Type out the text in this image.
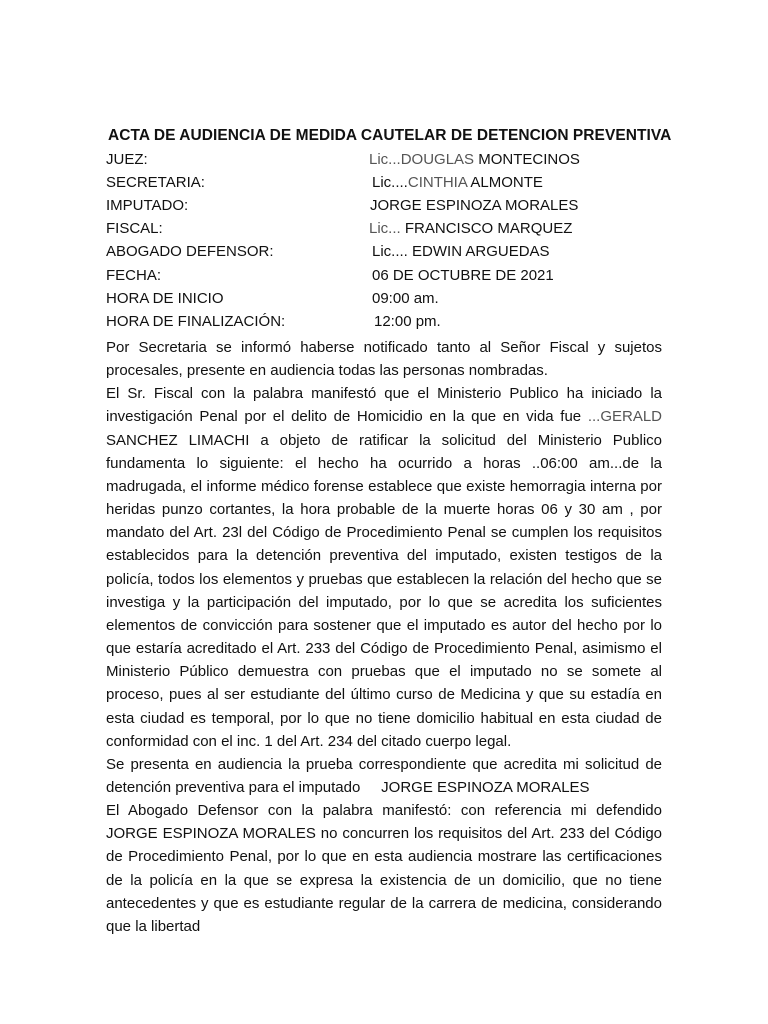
ACTA DE AUDIENCIA DE MEDIDA CAUTELAR DE DETENCION PREVENTIVA
JUEZ:	Lic...DOUGLAS MONTECINOS
SECRETARIA:	Lic....CINTHIA ALMONTE
IMPUTADO:	JORGE ESPINOZA MORALES
FISCAL:	Lic... FRANCISCO MARQUEZ
ABOGADO DEFENSOR:	Lic.... EDWIN ARGUEDAS
FECHA:	06 DE OCTUBRE DE 2021
HORA DE INICIO	09:00 am.
HORA DE FINALIZACIÓN:	12:00 pm.

Por Secretaria se informó haberse notificado tanto al Señor Fiscal y sujetos procesales, presente en audiencia todas las personas nombradas.

El Sr. Fiscal con la palabra manifestó que el Ministerio Publico ha iniciado la investigación Penal por el delito de Homicidio en la que en vida fue ...GERALD SANCHEZ LIMACHI a objeto de ratificar la solicitud del Ministerio Publico fundamenta lo siguiente: el hecho ha ocurrido a horas ..06:00 am...de la madrugada, el informe médico forense establece que existe hemorragia interna por heridas punzo cortantes, la hora probable de la muerte horas 06 y 30 am , por mandato del Art. 23l del Código de Procedimiento Penal se cumplen los requisitos establecidos para la detención preventiva del imputado, existen testigos de la policía, todos los elementos y pruebas que establecen la relación del hecho que se investiga y la participación del imputado, por lo que se acredita los suficientes elementos de convicción para sostener que el imputado es autor del hecho por lo que estaría acreditado el Art. 233 del Código de Procedimiento Penal, asimismo el Ministerio Público demuestra con pruebas que el imputado no se somete al proceso, pues al ser estudiante del último curso de Medicina y que su estadía en esta ciudad es temporal, por lo que no tiene domicilio habitual en esta ciudad de conformidad con el inc. 1 del Art. 234 del citado cuerpo legal.

Se presenta en audiencia la prueba correspondiente que acredita mi solicitud de detención preventiva para el imputado     JORGE ESPINOZA MORALES

El Abogado Defensor con la palabra manifestó: con referencia mi defendido JORGE ESPINOZA MORALES no concurren los requisitos del Art. 233 del Código de Procedimiento Penal, por lo que en esta audiencia mostrare las certificaciones de la policía en la que se expresa la existencia de un domicilio, que no tiene antecedentes y que es estudiante regular de la carrera de medicina, considerando que la libertad
